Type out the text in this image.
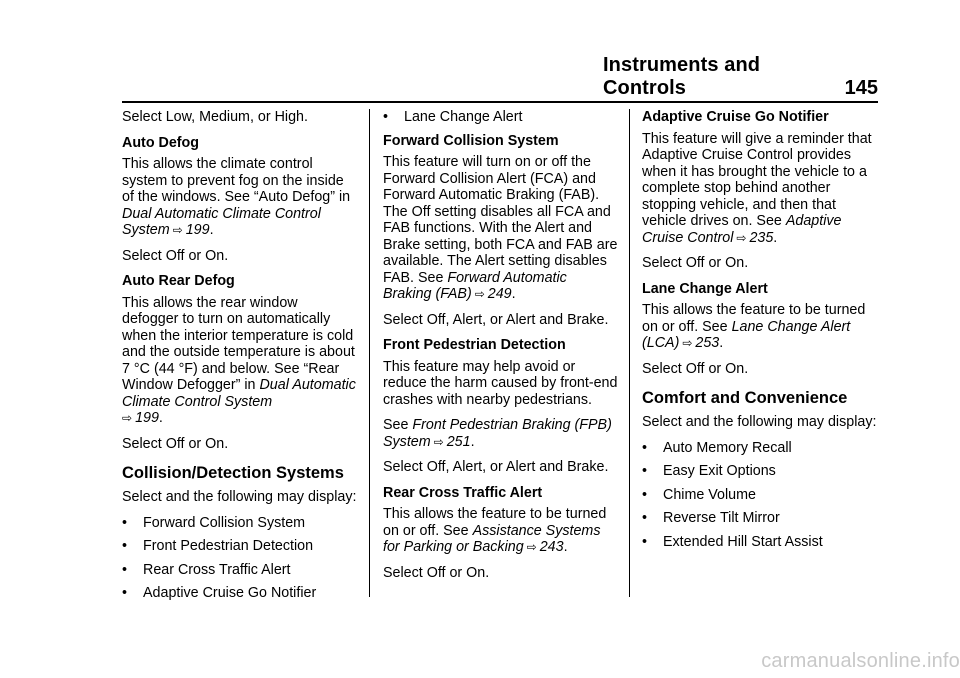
Instruments and Controls	145

Select Low, Medium, or High.

Auto Defog

This allows the climate control system to prevent fog on the inside of the windows. See “Auto Defog” in Dual Automatic Climate Control System ⇨ 199.

Select Off or On.

Auto Rear Defog

This allows the rear window defogger to turn on automatically when the interior temperature is cold and the outside temperature is about 7 °C (44 °F) and below. See “Rear Window Defogger” in Dual Automatic Climate Control System
⇨ 199.

Select Off or On.

Collision/Detection Systems

Select and the following may display:

•	Forward Collision System
•	Front Pedestrian Detection
•	Rear Cross Traffic Alert
•	Adaptive Cruise Go Notifier
•	Lane Change Alert

Forward Collision System

This feature will turn on or off the Forward Collision Alert (FCA) and Forward Automatic Braking (FAB). The Off setting disables all FCA and FAB functions. With the Alert and Brake setting, both FCA and FAB are available. The Alert setting disables FAB. See Forward Automatic Braking (FAB) ⇨ 249.

Select Off, Alert, or Alert and Brake.

Front Pedestrian Detection

This feature may help avoid or reduce the harm caused by front-end crashes with nearby pedestrians.

See Front Pedestrian Braking (FPB) System ⇨ 251.

Select Off, Alert, or Alert and Brake.

Rear Cross Traffic Alert

This allows the feature to be turned on or off. See Assistance Systems for Parking or Backing ⇨ 243.

Select Off or On.

Adaptive Cruise Go Notifier

This feature will give a reminder that Adaptive Cruise Control provides when it has brought the vehicle to a complete stop behind another stopping vehicle, and then that vehicle drives on. See Adaptive Cruise Control ⇨ 235.

Select Off or On.

Lane Change Alert

This allows the feature to be turned on or off. See Lane Change Alert (LCA) ⇨ 253.

Select Off or On.

Comfort and Convenience

Select and the following may display:

•	Auto Memory Recall
•	Easy Exit Options
•	Chime Volume
•	Reverse Tilt Mirror
•	Extended Hill Start Assist
carmanualsonline.info
